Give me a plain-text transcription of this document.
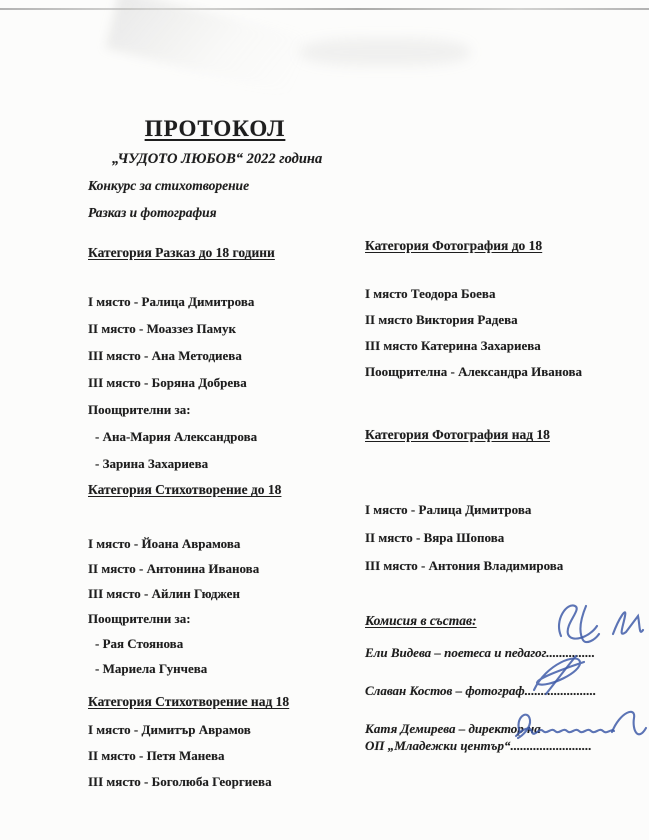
ПРОТОКОЛ
„ЧУДОТО ЛЮБОВ“ 2022 година
Конкурс за стихотворение
Разказ и фотография
Категория Разказ до 18 години
I място - Ралица Димитрова
II място - Моаззез Памук
III място - Ана Методиева
III място - Боряна Добрева
Поощрителни за:
- Ана-Мария Александрова
- Зарина Захариева
Категория Стихотворение до 18
I място - Йоана Аврамова
II място - Антонина Иванова
III място - Айлин Гюджен
Поощрителни за:
- Рая Стоянова
- Мариела Гунчева
Категория Стихотворение над 18
I място - Димитър Аврамов
II място - Петя Манева
III място - Боголюба Георгиева
Категория Фотография до 18
I място Теодора Боева
II място Виктория Радева
III място Катерина Захариева
Поощрителна - Александра Иванова
Категория Фотография над 18
I място - Ралица Димитрова
II място - Вяра Шопова
III място - Антония Владимирова
Комисия в състав:
Ели Видева – поетеса и педагог...............
Славан Костов – фотограф......................
Катя Демирева – директор на
ОП „Младежки център“.........................
